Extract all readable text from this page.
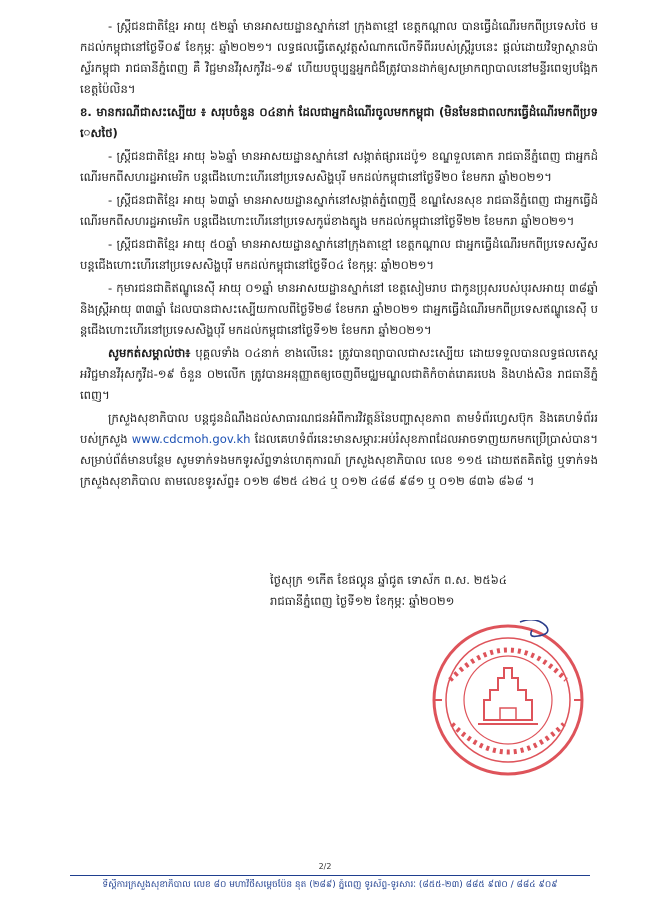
- ស្ត្រីជនជាតិខ្មែរ អាយុ ៥២ឆ្នាំ មានអាសយដ្ឋានស្នាក់នៅ ក្រុងតាខ្មៅ ខេត្តកណ្តាល បានធ្វើដំណើរមកពីប្រទេសថៃ មកដល់កម្ពុជានៅថ្ងៃទី០៩ ខែកុម្ភៈ ឆ្នាំ២០២១។ លទ្ធផលធ្វើតេស្តវត្តសំណាកលើកទីពីររបស់ស្ត្រីរូបនេះ ផ្តល់ដោយវិទ្យាស្ថានប៉ាស្ទ័រកម្ពុជា រាជធានីភ្នំពេញ គឺ វិជ្ជមានវីរុសកូវីដ-១៩ ហើយបច្ចុប្បន្នអ្នកជំងឺត្រូវបានដាក់ឲ្យសម្រាកព្យាបាលនៅមន្ទីរពេទ្យបង្អែកខេត្តប៉ៃលិន។

ខ. មានករណីជាសះស្បើយ ៖ សរុបចំនួន ០៤នាក់ ដែលជាអ្នកដំណើរចូលមកកម្ពុជា (មិនមែនជាពលករធ្វើដំណើរមកពីប្រទេសថៃ)

- ស្ត្រីជនជាតិខ្មែរ អាយុ ៦៦ឆ្នាំ មានអាសយដ្ឋានស្នាក់នៅ សង្កាត់ផ្សារដេប៉ូ១ ខណ្ឌទួលគោក រាជធានីភ្នំពេញ ជាអ្នកដំណើរមកពីសហរដ្ឋអាមេរិក បន្តជើងហោះហើរនៅប្រទេសសិង្ហបុរី មកដល់កម្ពុជានៅថ្ងៃទី២០ ខែមករា ឆ្នាំ២០២១។

- ស្ត្រីជនជាតិខ្មែរ អាយុ ៦៣ឆ្នាំ មានអាសយដ្ឋានស្នាក់នៅសង្កាត់ភ្នំពេញថ្មី ខណ្ឌសែនសុខ រាជធានីភ្នំពេញ ជាអ្នកធ្វើដំណើរមកពីសហរដ្ឋអាមេរិក បន្តជើងហោះហើរនៅប្រទេសកូរ៉េខាងត្បូង មកដល់កម្ពុជានៅថ្ងៃទី២២ ខែមករា ឆ្នាំ២០២១។

- ស្ត្រីជនជាតិខ្មែរ អាយុ ៥០ឆ្នាំ មានអាសយដ្ឋានស្នាក់នៅក្រុងតាខ្មៅ ខេត្តកណ្តាល ជាអ្នកធ្វើដំណើរមកពីប្រទេសស្វីស បន្តជើងហោះហើរនៅប្រទេសសិង្ហបុរី មកដល់កម្ពុជានៅថ្ងៃទី០៤ ខែកុម្ភៈ ឆ្នាំ២០២១។

- កុមារជនជាតិឥណ្ឌូនេស៊ី អាយុ ០១ឆ្នាំ មានអាសយដ្ឋានស្នាក់នៅ ខេត្តសៀមរាប ជាកូនប្រុសរបស់បុរសអាយុ ៣៨ឆ្នាំ និងស្ត្រីអាយុ ៣៣ឆ្នាំ ដែលបានជាសះស្បើយកាលពីថ្ងៃទី២៨ ខែមករា ឆ្នាំ២០២១ ជាអ្នកធ្វើដំណើរមកពីប្រទេសឥណ្ឌូនេស៊ី បន្តជើងហោះហើរនៅប្រទេសសិង្ហបុរី មកដល់កម្ពុជានៅថ្ងៃទី១២ ខែមករា ឆ្នាំ២០២១។

សូមកត់សម្គាល់ថា៖ បុគ្គលទាំង ០៤នាក់ ខាងលើនេះ ត្រូវបានព្យាបាលជាសះស្បើយ ដោយទទួលបានលទ្ធផលតេស្ត អវិជ្ជមានវីរុសកូវីដ-១៩ ចំនួន ០២លើក ត្រូវបានអនុញ្ញាតឲ្យចេញពីមជ្ឈមណ្ឌលជាតិកំចាត់រោគរបេង និងហង់សិន រាជធានីភ្នំពេញ។

ក្រសួងសុខាភិបាល បន្តជូនដំណឹងដល់សាធារណជនអំពីការវិវត្តន៍នៃបញ្ហាសុខភាព តាមទំព័រហ្វេសប៊ុក និងគេហទំព័ររបស់ក្រសួង www.cdcmoh.gov.kh ដែលគេហទំព័រនេះមានសម្ភារៈអប់រំសុខភាពដែលអាចទាញយកមកប្រើប្រាស់បាន។ សម្រាប់ព័ត៌មានបន្ថែម សូមទាក់ទងមកទូរស័ព្ទទាន់ហេតុការណ៍ ក្រសួងសុខាភិបាល លេខ ១១៥ ដោយឥតគិតថ្លៃ ឬទាក់ទងក្រសួងសុខាភិបាល តាមលេខទូរស័ព្ទ៖ ០១២ ៨២៥ ៤២៤ ឬ ០១២ ៤៨៨ ៩៨១ ឬ ០១២ ៨៣៦ ៨៦៨ ។

ថ្ងៃសុក្រ ១កើត ខែផល្គុន ឆ្នាំជូត ទោស័ក ព.ស. ២៥៦៤
រាជធានីភ្នំពេញ ថ្ងៃទី១២ ខែកុម្ភៈ ឆ្នាំ២០២១
2/2
ទីស្តីការក្រសួងសុខាភិបាល លេខ ៨០ មហាវិថីសម្តេចប៉ែន នុត (២៨៩) ភ្នំពេញ ទូរស័ព្ទ-ទូរសារៈ (៨៥៥-២៣) ៨៨៥ ៩៧០ / ៨៨៤ ៩០៩
